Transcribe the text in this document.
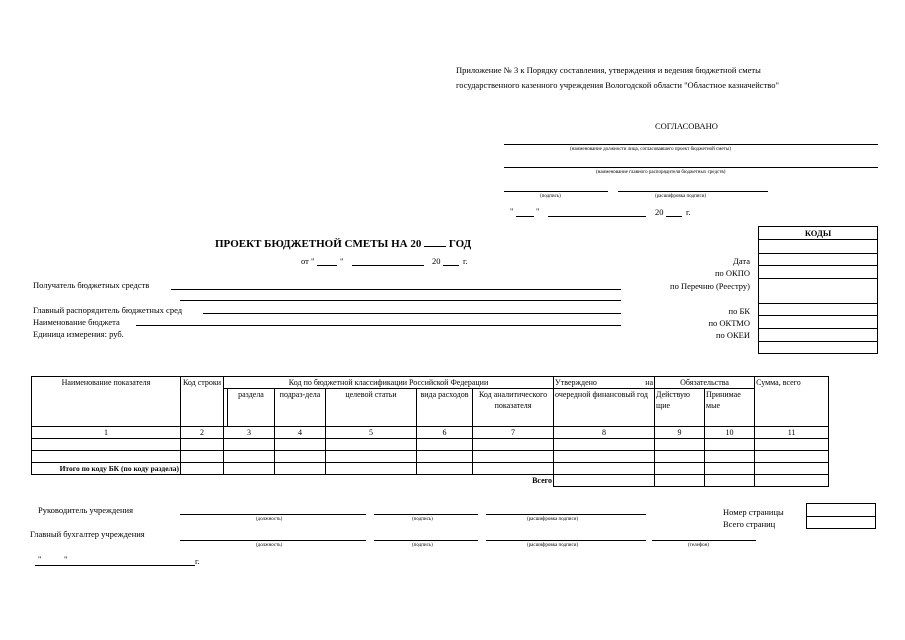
Приложение № 3 к Порядку составления, утверждения и ведения бюджетной сметы
государственного казенного учреждения Вологодской области "Областное казначейство"
СОГЛАСОВАНО
(наименование должности лица, согласовавшего проект бюджетной сметы)
(наименование главного распорядителя бюджетных средств)
(подпись)	(расшифровка подписи)
"	"	20	г.
ПРОЕКТ БЮДЖЕТНОЙ СМЕТЫ НА 20	ГОД
от "	"	20	г.
Получатель бюджетных средств
Главный распорядитель бюджетных сред
Наименование бюджета
Единица измерения: руб.
Дата
по ОКПО
по Перечню (Реестру)
по БК
по ОКТМО
по ОКЕИ
КОДЫ
Наименование показателя	Код строки	Код по бюджетной классификации Российской Федерации						Утверждено на	Обязательства		Сумма, всего
			раздела	подраз-дела	целевой статьи	вида расходов	Код аналитического показателя	очередной финансовый год	Действую щие	Принимае мые	
1	2	3		4	5	6	7	8	9	10	11

Итого по коду БК (по коду раздела)											
Всего											
Руководитель учреждения
(должность)	(подпись)	(расшифровка подписи)
Главный бухгалтер учреждения
(должность)	(подпись)	(расшифровка подписи)	(телефон)
"	"	г.
Номер страницы
Всего страниц
